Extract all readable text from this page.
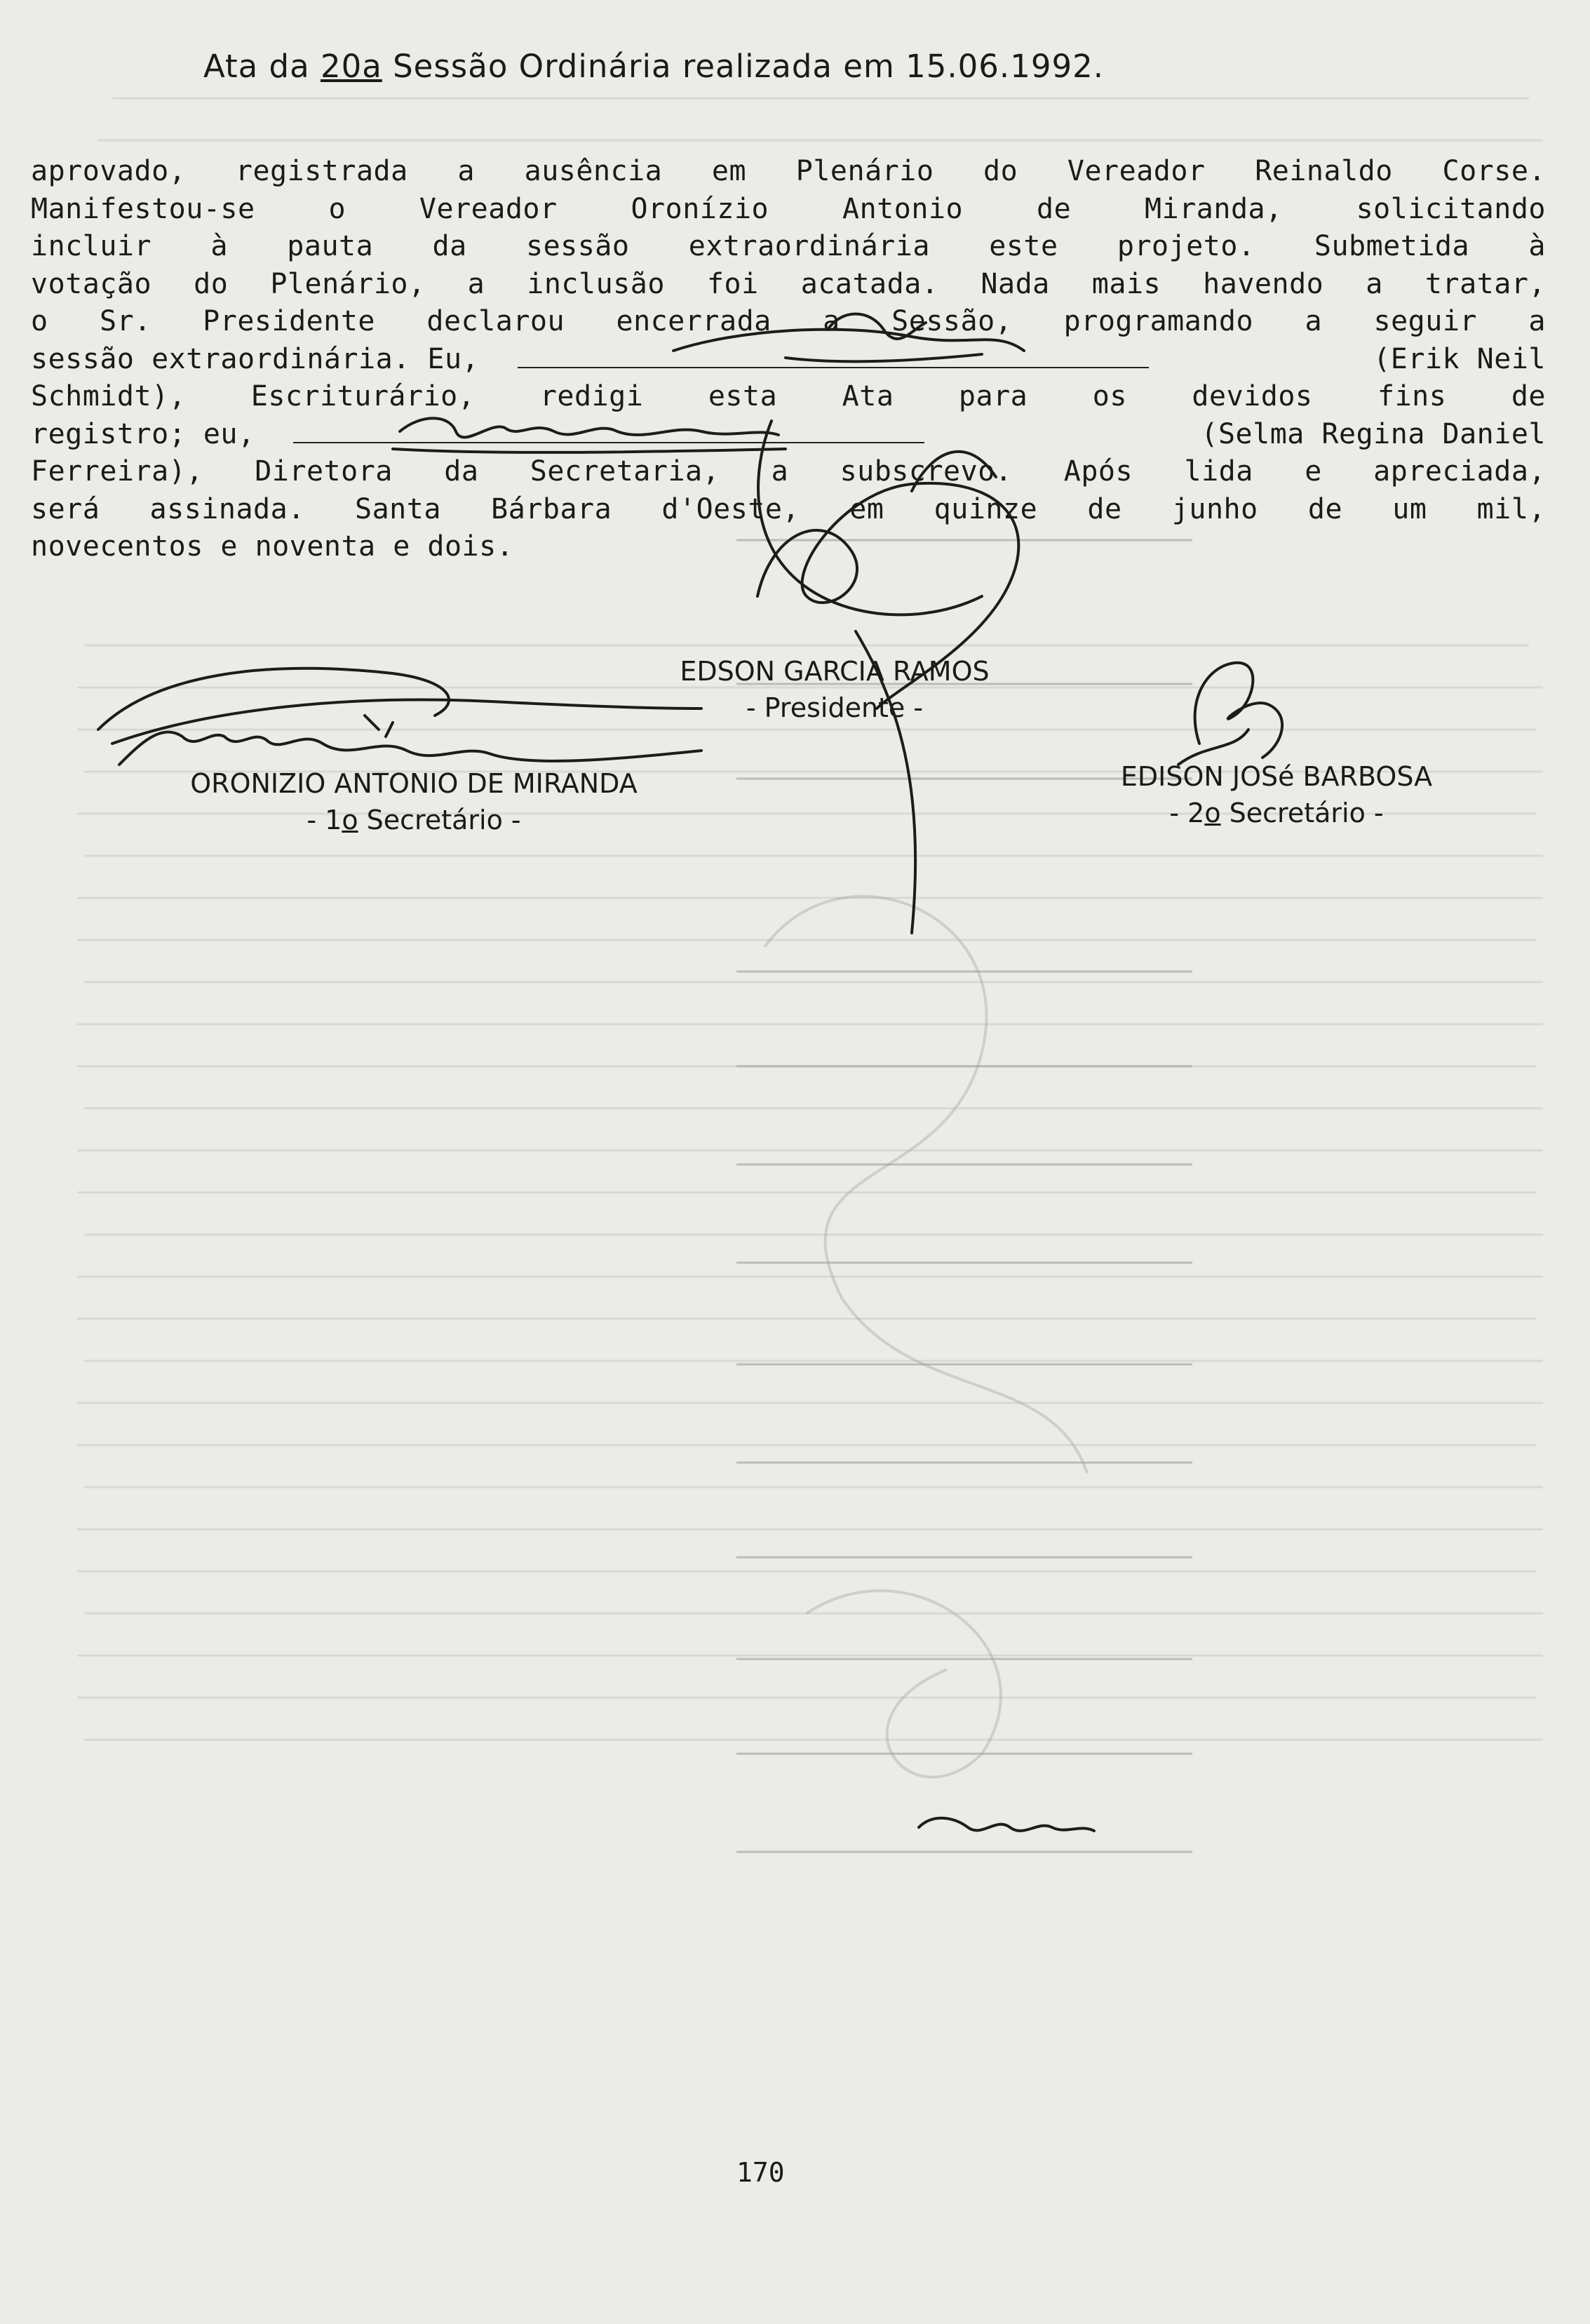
Ata da 20a Sessão Ordinária realizada em 15.06.1992.
aprovado, registrada a ausência em Plenário do Vereador Reinaldo Corse.
Manifestou-se o Vereador Oronízio Antonio de Miranda, solicitando
incluir à pauta da sessão extraordinária este projeto. Submetida à
votação do Plenário, a inclusão foi acatada. Nada mais havendo a tratar,
o Sr. Presidente declarou encerrada a Sessão, programando a seguir a
sessão extraordinária. Eu,	(Erik Neil
Schmidt), Escriturário, redigi esta Ata para os devidos fins de
registro; eu,	(Selma Regina Daniel
Ferreira), Diretora da Secretaria, a subscrevo. Após lida e apreciada,
será assinada. Santa Bárbara d'Oeste, em quinze de junho de um mil,
novecentos e noventa e dois.
EDSON GARCIA RAMOS
- Presidente -
ORONIZIO ANTONIO DE MIRANDA
- 1o Secretário -
EDISON JOSé BARBOSA
- 2o Secretário -
170
